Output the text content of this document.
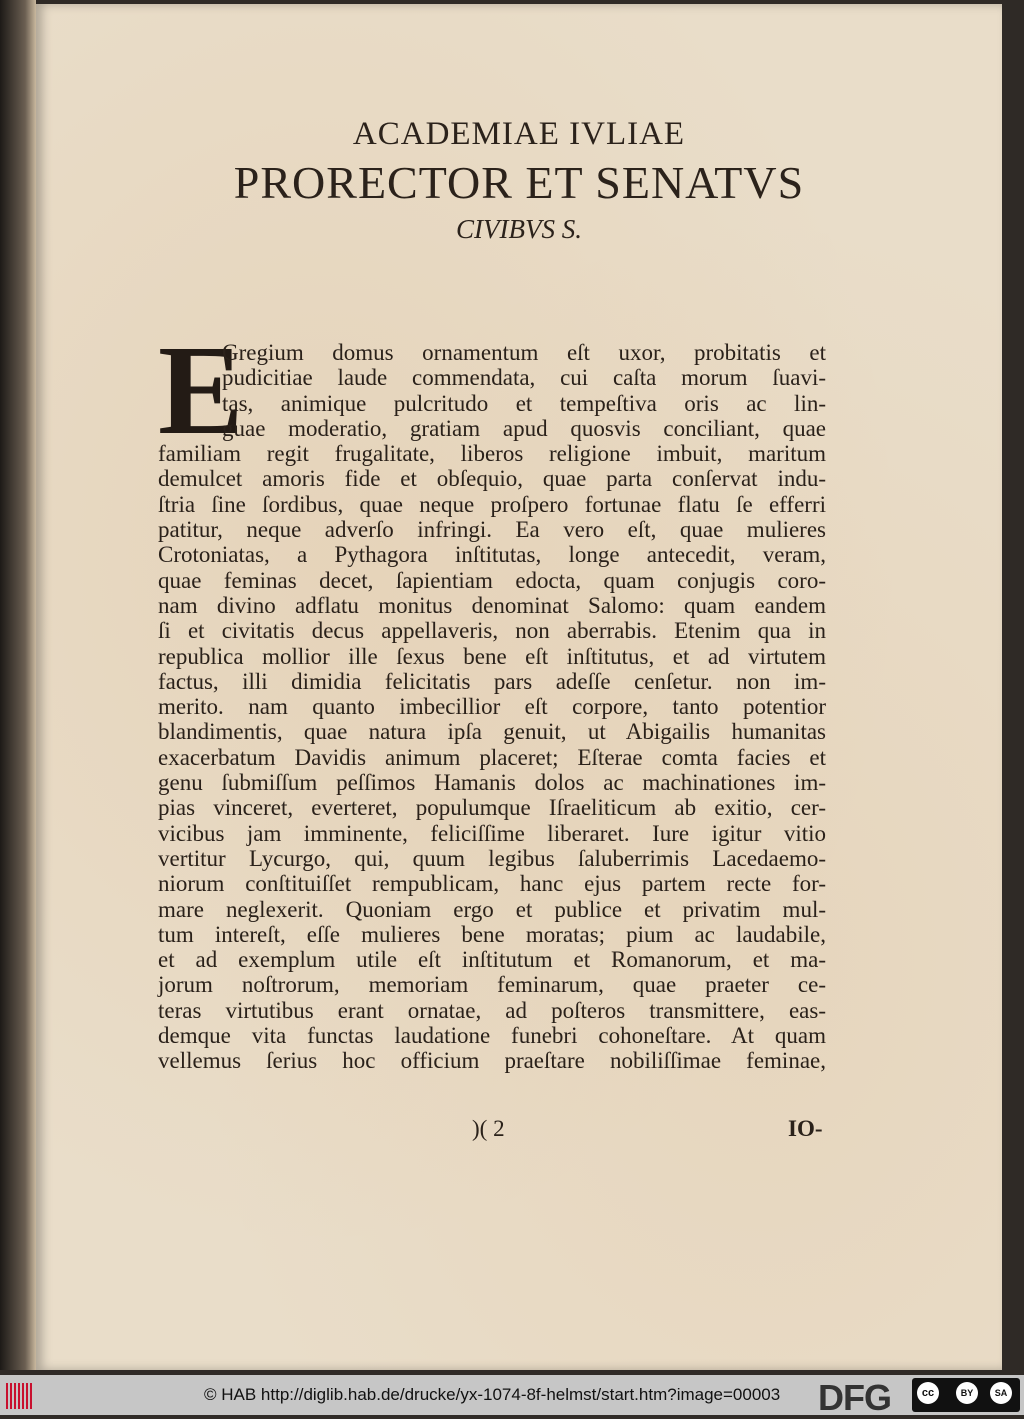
ACADEMIAE IVLIAE
PRORECTOR ET SENATVS
CIVIBVS S.
E
Gregium domus ornamentum eſt uxor, probitatis et
pudicitiae laude commendata, cui caſta morum ſuavi-
tas, animique pulcritudo et tempeſtiva oris ac lin-
guae moderatio, gratiam apud quosvis conciliant, quae
familiam regit frugalitate, liberos religione imbuit, maritum
demulcet amoris fide et obſequio, quae parta conſervat indu-
ſtria ſine ſordibus, quae neque proſpero fortunae flatu ſe efferri
patitur, neque adverſo infringi. Ea vero eſt, quae mulieres
Crotoniatas, a Pythagora inſtitutas, longe antecedit, veram,
quae feminas decet, ſapientiam edocta, quam conjugis coro-
nam divino adflatu monitus denominat Salomo: quam eandem
ſi et civitatis decus appellaveris, non aberrabis. Etenim qua in
republica mollior ille ſexus bene eſt inſtitutus, et ad virtutem
factus, illi dimidia felicitatis pars adeſſe cenſetur. non im-
merito. nam quanto imbecillior eſt corpore, tanto potentior
blandimentis, quae natura ipſa genuit, ut Abigailis humanitas
exacerbatum Davidis animum placeret; Eſterae comta facies et
genu ſubmiſſum peſſimos Hamanis dolos ac machinationes im-
pias vinceret, everteret, populumque Iſraeliticum ab exitio, cer-
vicibus jam imminente, feliciſſime liberaret. Iure igitur vitio
vertitur Lycurgo, qui, quum legibus ſaluberrimis Lacedaemo-
niorum conſtituiſſet rempublicam, hanc ejus partem recte for-
mare neglexerit. Quoniam ergo et publice et privatim mul-
tum intereſt, eſſe mulieres bene moratas; pium ac laudabile,
et ad exemplum utile eſt inſtitutum et Romanorum, et ma-
jorum noſtrorum, memoriam feminarum, quae praeter ce-
teras virtutibus erant ornatae, ad poſteros transmittere, eas-
demque vita functas laudatione funebri cohoneſtare. At quam
vellemus ſerius hoc officium praeſtare nobiliſſimae feminae,
)( 2	IO-
© HAB http://diglib.hab.de/drucke/yx-1074-8f-helmst/start.htm?image=00003 DFG	cc	BY	SA
